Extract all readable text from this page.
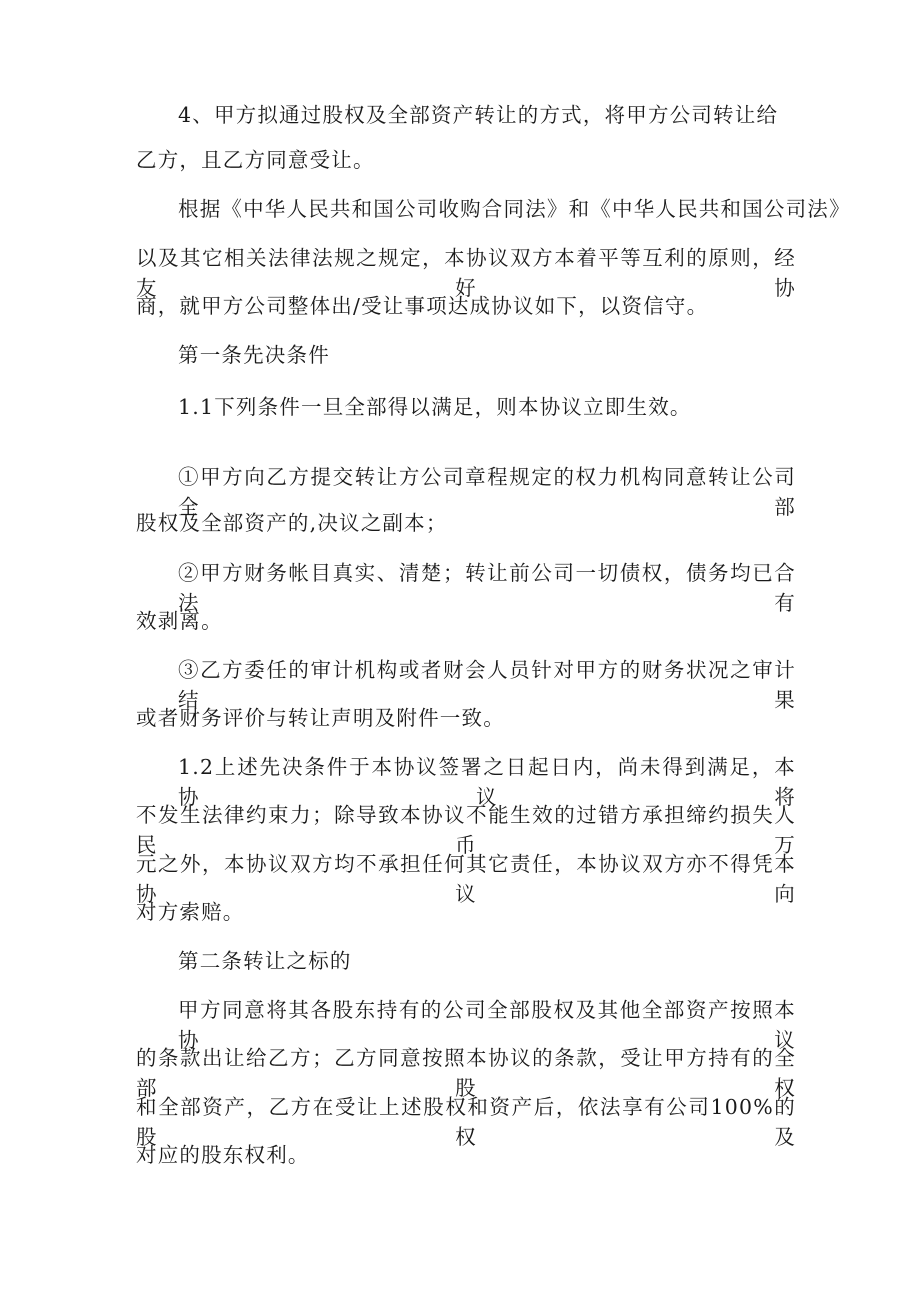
4、甲方拟通过股权及全部资产转让的方式，将甲方公司转让给
乙方，且乙方同意受让。
根据《中华人民共和国公司收购合同法》和《中华人民共和国公司法》
以及其它相关法律法规之规定，本协议双方本着平等互利的原则，经友好协
商，就甲方公司整体出/受让事项达成协议如下，以资信守。
第一条先决条件
1.1下列条件一旦全部得以满足，则本协议立即生效。
①甲方向乙方提交转让方公司章程规定的权力机构同意转让公司全部
股权及全部资产的,决议之副本；
②甲方财务帐目真实、清楚；转让前公司一切债权，债务均已合法有
效剥离。
③乙方委任的审计机构或者财会人员针对甲方的财务状况之审计结果
或者财务评价与转让声明及附件一致。
1.2上述先决条件于本协议签署之日起日内，尚未得到满足，本协议将
不发生法律约束力；除导致本协议不能生效的过错方承担缔约损失人民币万
元之外，本协议双方均不承担任何其它责任，本协议双方亦不得凭本协议向
对方索赔。
第二条转让之标的
甲方同意将其各股东持有的公司全部股权及其他全部资产按照本协议
的条款出让给乙方；乙方同意按照本协议的条款，受让甲方持有的全部股权
和全部资产，乙方在受让上述股权和资产后，依法享有公司100%的股权及
对应的股东权利。
